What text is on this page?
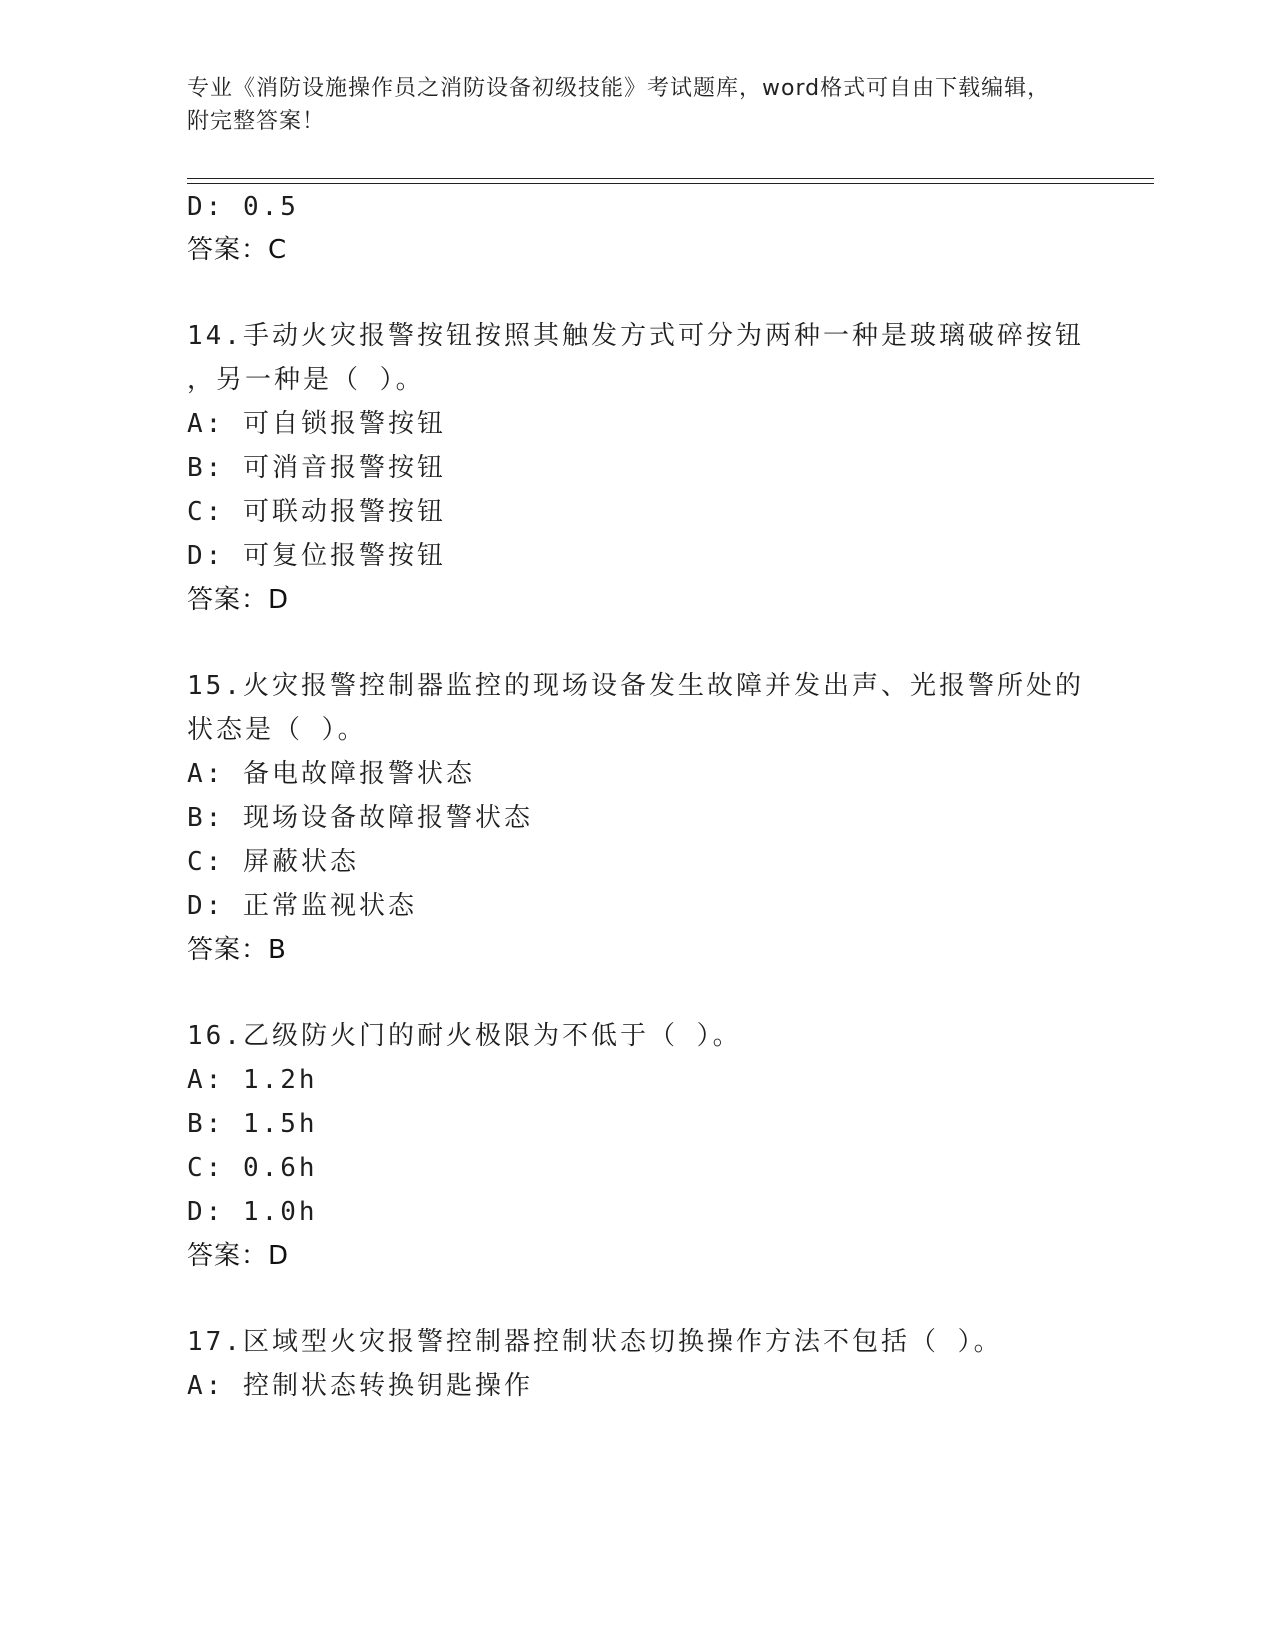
专业《消防设施操作员之消防设备初级技能》考试题库，word格式可自由下载编辑，附完整答案！
D: 0.5
答案：C
14.手动火灾报警按钮按照其触发方式可分为两种一种是玻璃破碎按钮
，另一种是（ ）。
A: 可自锁报警按钮
B: 可消音报警按钮
C: 可联动报警按钮
D: 可复位报警按钮
答案：D
15.火灾报警控制器监控的现场设备发生故障并发出声、光报警所处的
状态是（ ）。
A: 备电故障报警状态
B: 现场设备故障报警状态
C: 屏蔽状态
D: 正常监视状态
答案：B
16.乙级防火门的耐火极限为不低于（ ）。
A: 1.2h
B: 1.5h
C: 0.6h
D: 1.0h
答案：D
17.区域型火灾报警控制器控制状态切换操作方法不包括（ ）。
A: 控制状态转换钥匙操作
